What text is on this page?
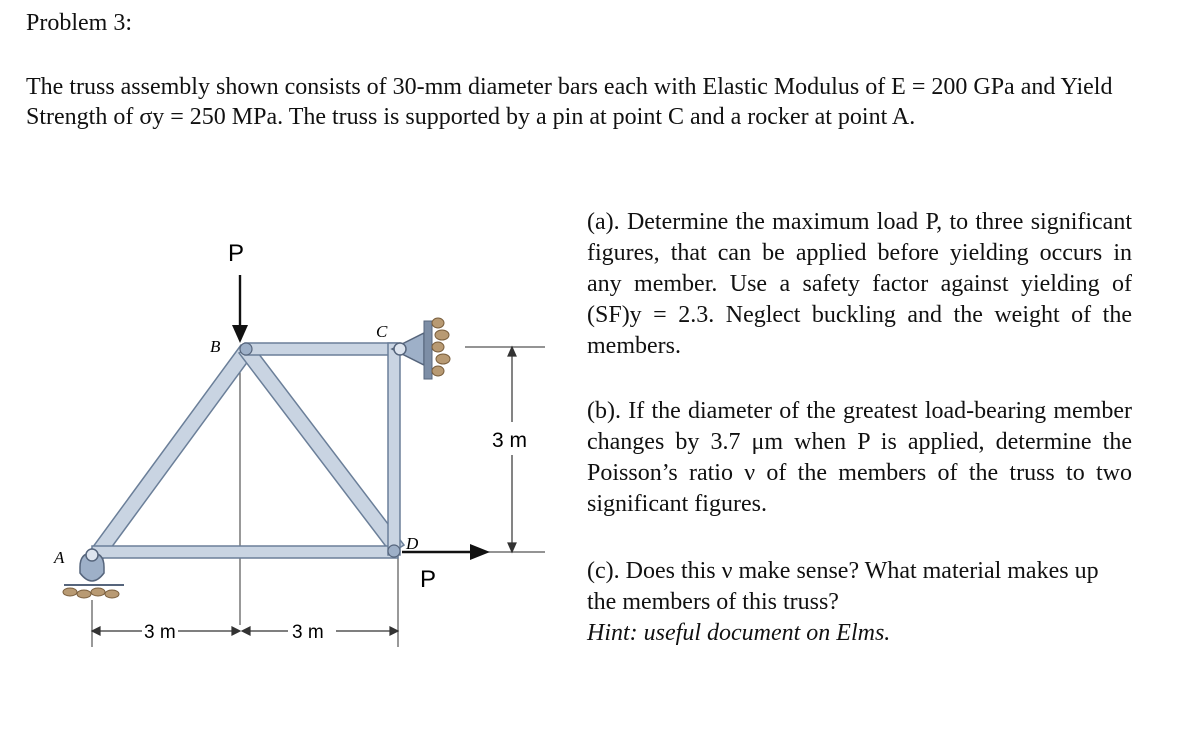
Problem 3:
The truss assembly shown consists of 30-mm diameter bars each with Elastic Modulus of E = 200 GPa and Yield Strength of σy = 250 MPa. The truss is supported by a pin at point C and a rocker at point A.
A
B
C
D
P
P
3 m
3 m	3 m
(a). Determine the maximum load P, to three significant figures, that can be applied before yielding occurs in any member. Use a safety factor against yielding of (SF)y = 2.3. Neglect buckling and the weight of the members.
(b). If the diameter of the greatest load-bearing member changes by 3.7 μm when P is applied, determine the Poisson’s ratio ν of the members of the truss to two significant figures.
(c). Does this ν make sense? What material makes up the members of this truss?
Hint: useful document on Elms.
